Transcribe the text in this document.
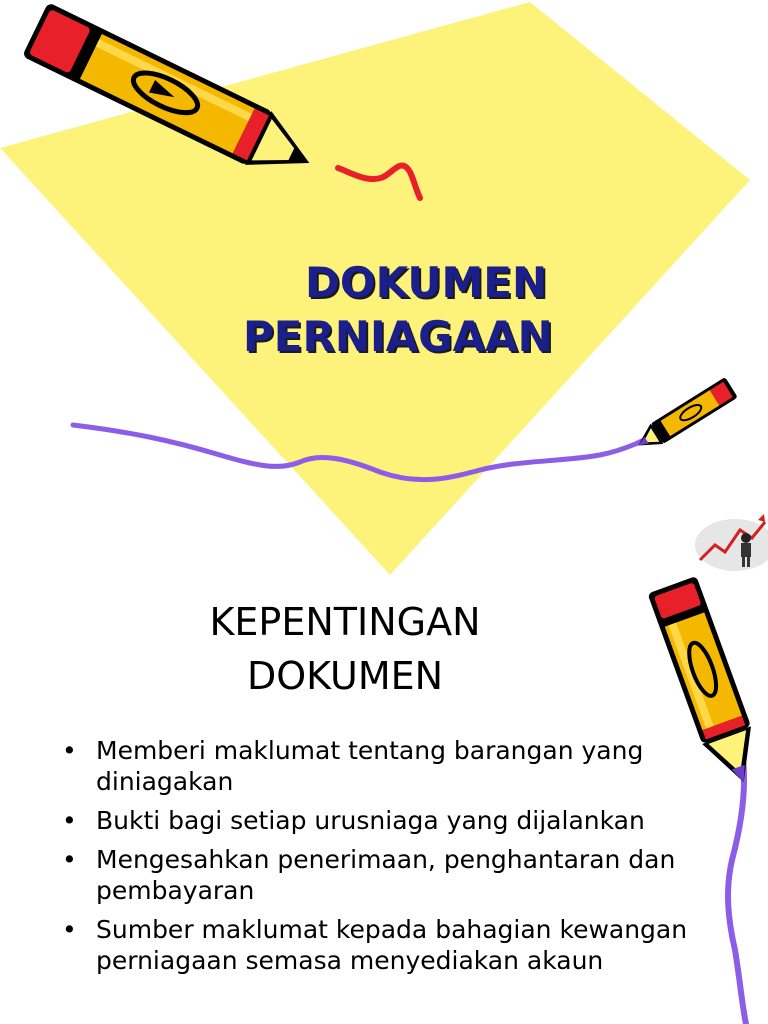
DOKUMEN
PERNIAGAAN
KEPENTINGAN
DOKUMEN
• Memberi maklumat tentang barangan yang diniagakan
• Bukti bagi setiap urusniaga yang dijalankan
• Mengesahkan penerimaan, penghantaran dan pembayaran
• Sumber maklumat kepada bahagian kewangan perniagaan semasa menyediakan akaun
